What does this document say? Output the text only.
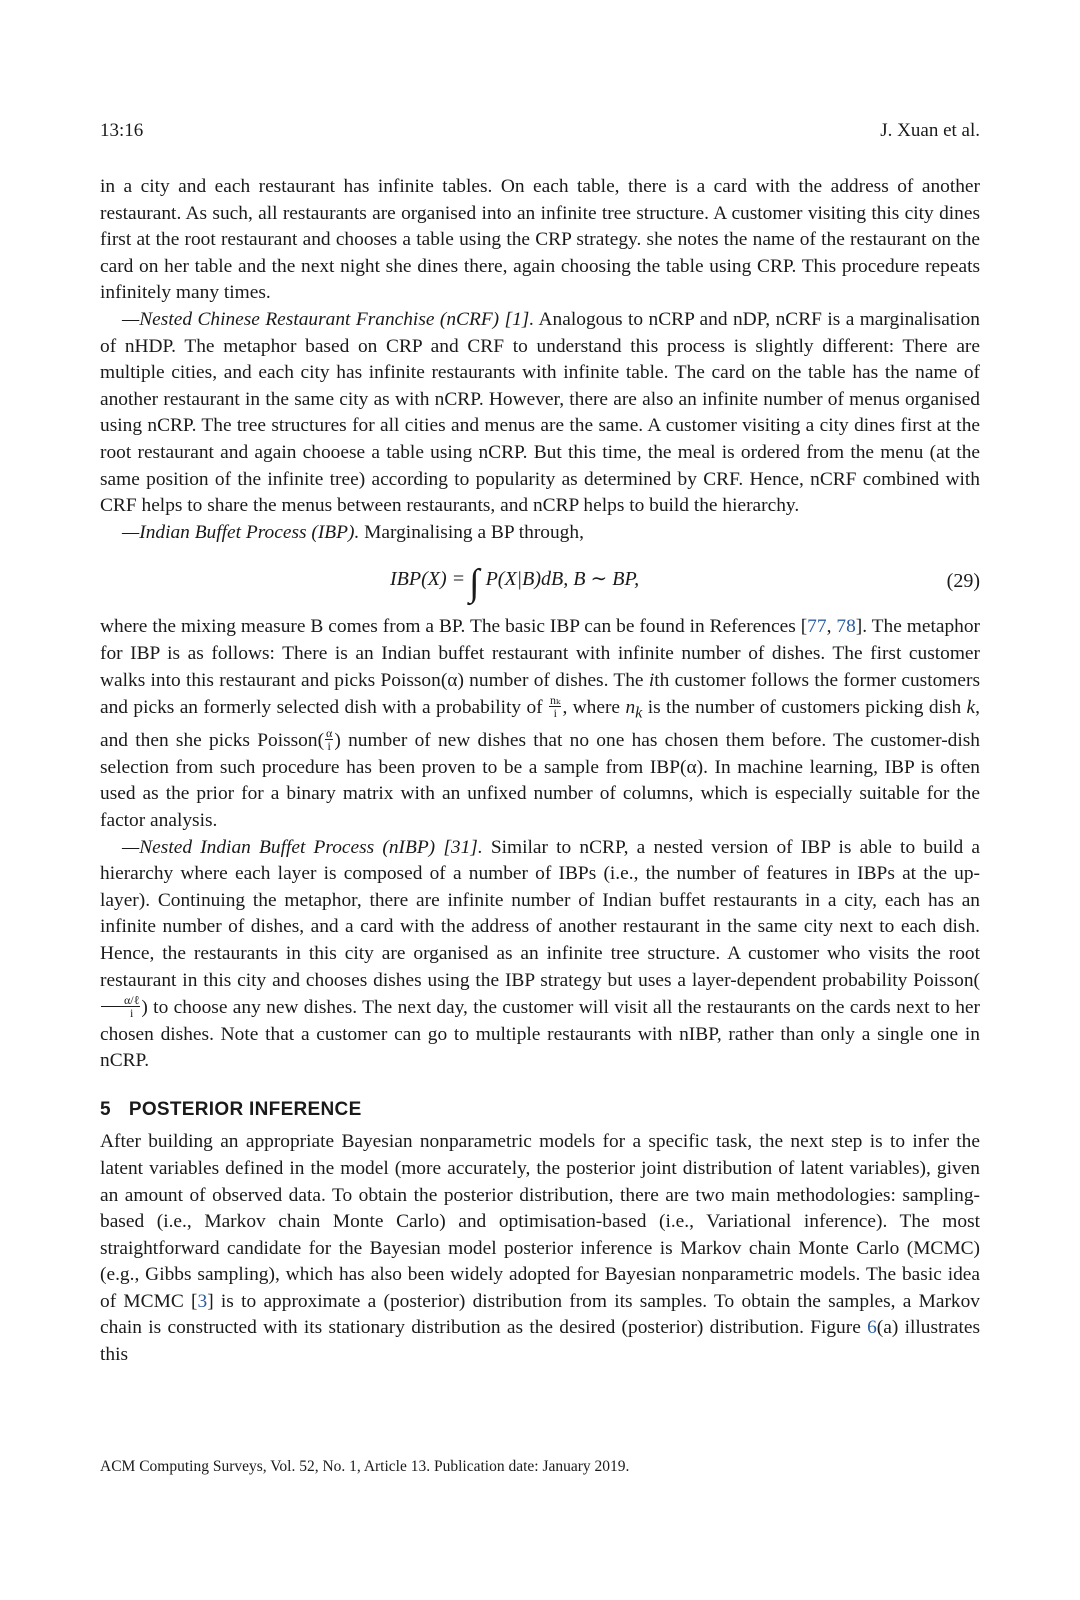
13:16	J. Xuan et al.

in a city and each restaurant has infinite tables. On each table, there is a card with the address of another restaurant. As such, all restaurants are organised into an infinite tree structure. A customer visiting this city dines first at the root restaurant and chooses a table using the CRP strategy. she notes the name of the restaurant on the card on her table and the next night she dines there, again choosing the table using CRP. This procedure repeats infinitely many times.

—Nested Chinese Restaurant Franchise (nCRF) [1]. Analogous to nCRP and nDP, nCRF is a marginalisation of nHDP. The metaphor based on CRP and CRF to understand this process is slightly different: There are multiple cities, and each city has infinite restaurants with infinite table. The card on the table has the name of another restaurant in the same city as with nCRP. However, there are also an infinite number of menus organised using nCRP. The tree structures for all cities and menus are the same. A customer visiting a city dines first at the root restaurant and again chooese a table using nCRP. But this time, the meal is ordered from the menu (at the same position of the infinite tree) according to popularity as determined by CRF. Hence, nCRF combined with CRF helps to share the menus between restaurants, and nCRP helps to build the hierarchy.

—Indian Buffet Process (IBP). Marginalising a BP through,

IBP(X) = ∫ P(X|B)dB, B ∼ BP,	(29)

where the mixing measure B comes from a BP. The basic IBP can be found in References [77, 78]. The metaphor for IBP is as follows: There is an Indian buffet restaurant with infinite number of dishes. The first customer walks into this restaurant and picks Poisson(α) number of dishes. The ith customer follows the former customers and picks an formerly selected dish with a probability of $\frac{\text{nₖ}}{i}$ , where $n_k$ is the number of customers picking dish k, and then she picks Poisson( $\frac{\alpha}{i}$ ) number of new dishes that no one has chosen them before. The customer-dish selection from such procedure has been proven to be a sample from IBP(α). In machine learning, IBP is often used as the prior for a binary matrix with an unfixed number of columns, which is especially suitable for the factor analysis.

—Nested Indian Buffet Process (nIBP) [31]. Similar to nCRP, a nested version of IBP is able to build a hierarchy where each layer is composed of a number of IBPs (i.e., the number of features in IBPs at the up-layer). Continuing the metaphor, there are infinite number of Indian buffet restaurants in a city, each has an infinite number of dishes, and a card with the address of another restaurant in the same city next to each dish. Hence, the restaurants in this city are organised as an infinite tree structure. A customer who visits the root restaurant in this city and chooses dishes using the IBP strategy but uses a layer-dependent probability Poisson(
$\frac{\text{α/ℓ}}{i}$ ) to choose any new dishes. The next day, the customer will visit all the restaurants on the cards next to her chosen dishes. Note that a customer can go to multiple restaurants with nIBP, rather than only a single one in nCRP.

5 POSTERIOR INFERENCE

After building an appropriate Bayesian nonparametric models for a specific task, the next step is to infer the latent variables defined in the model (more accurately, the posterior joint distribution of latent variables), given an amount of observed data. To obtain the posterior distribution, there are two main methodologies: sampling-based (i.e., Markov chain Monte Carlo) and optimisation-based (i.e., Variational inference). The most straightforward candidate for the Bayesian model posterior inference is Markov chain Monte Carlo (MCMC) (e.g., Gibbs sampling), which has also been widely adopted for Bayesian nonparametric models. The basic idea of MCMC [3] is to approximate a (posterior) distribution from its samples. To obtain the samples, a Markov chain is constructed with its stationary distribution as the desired (posterior) distribution. Figure 6(a) illustrates this

ACM Computing Surveys, Vol. 52, No. 1, Article 13. Publication date: January 2019.
